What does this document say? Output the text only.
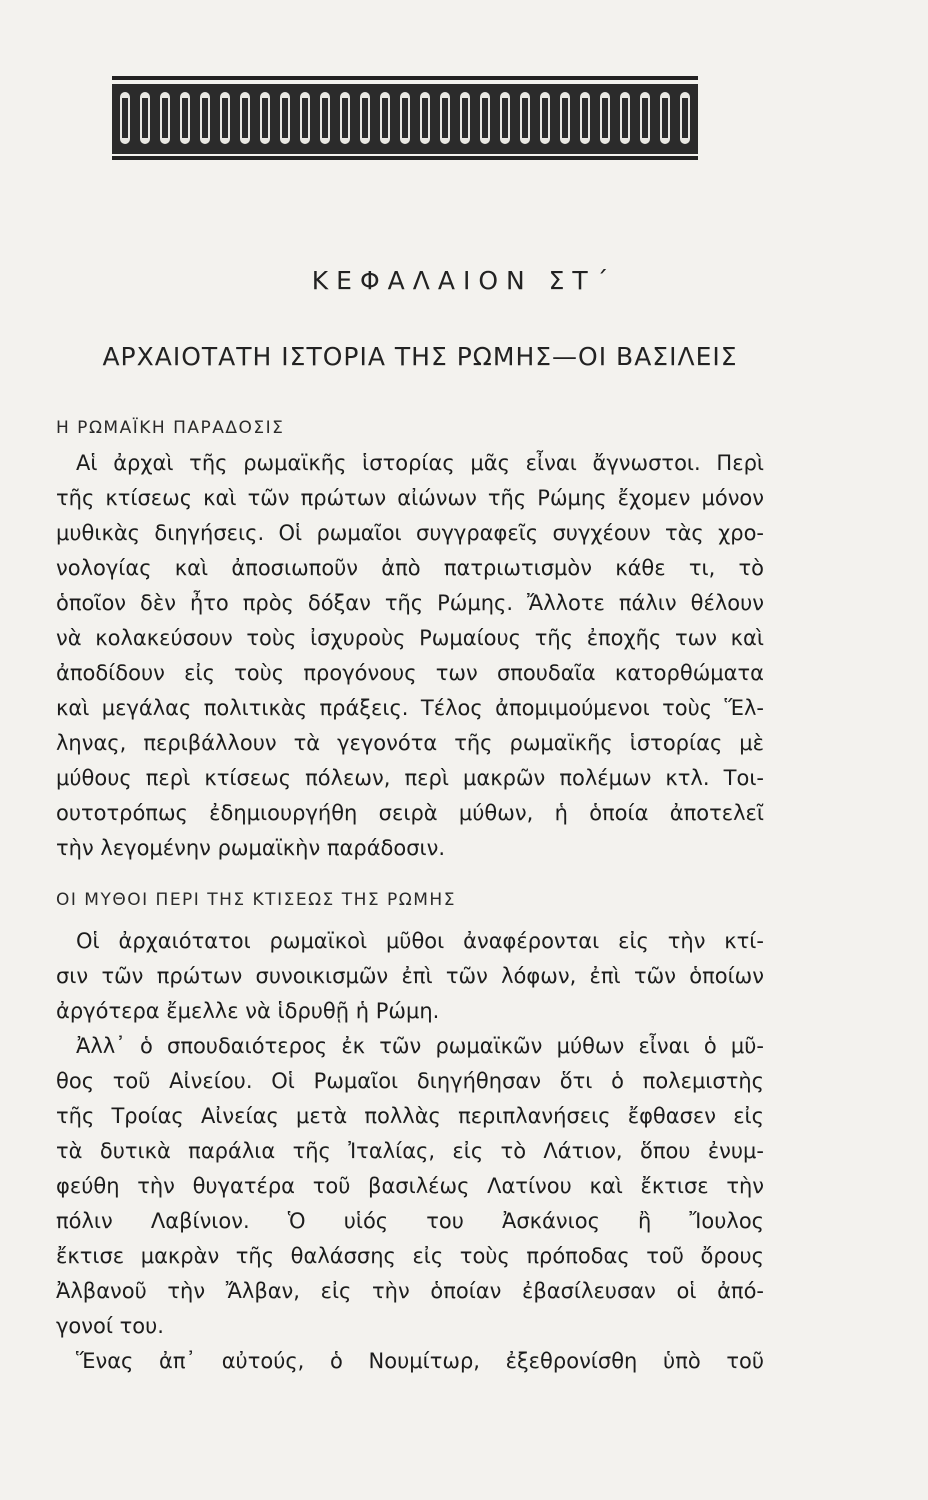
ΚΕΦΑΛΑΙΟΝ ΣΤ΄
ΑΡΧΑΙΟΤΑΤΗ ΙΣΤΟΡΙΑ ΤΗΣ ΡΩΜΗΣ—ΟΙ ΒΑΣΙΛΕΙΣ
Η ΡΩΜΑΪΚΗ ΠΑΡΑΔΟΣΙΣ
Αἱ ἀρχαὶ τῆς ρωμαϊκῆς ἱστορίας μᾶς εἶναι ἄγνωστοι. Περὶ
τῆς κτίσεως καὶ τῶν πρώτων αἰώνων τῆς Ρώμης ἔχομεν μόνον
μυθικὰς διηγήσεις. Οἱ ρωμαῖοι συγγραφεῖς συγχέουν τὰς χρο-
νολογίας καὶ ἀποσιωποῦν ἀπὸ πατριωτισμὸν κάθε τι, τὸ
ὁποῖον δὲν ἦτο πρὸς δόξαν τῆς Ρώμης. Ἄλλοτε πάλιν θέλουν
νὰ κολακεύσουν τοὺς ἰσχυροὺς Ρωμαίους τῆς ἐποχῆς των καὶ
ἀποδίδουν εἰς τοὺς προγόνους των σπουδαῖα κατορθώματα
καὶ μεγάλας πολιτικὰς πράξεις. Τέλος ἀπομιμούμενοι τοὺς Ἕλ-
ληνας, περιβάλλουν τὰ γεγονότα τῆς ρωμαϊκῆς ἱστορίας μὲ
μύθους περὶ κτίσεως πόλεων, περὶ μακρῶν πολέμων κτλ. Τοι-
ουτοτρόπως ἐδημιουργήθη σειρὰ μύθων, ἡ ὁποία ἀποτελεῖ
τὴν λεγομένην ρωμαϊκὴν παράδοσιν.
ΟΙ ΜΥΘΟΙ ΠΕΡΙ ΤΗΣ ΚΤΙΣΕΩΣ ΤΗΣ ΡΩΜΗΣ
Οἱ ἀρχαιότατοι ρωμαϊκοὶ μῦθοι ἀναφέρονται εἰς τὴν κτί-
σιν τῶν πρώτων συνοικισμῶν ἐπὶ τῶν λόφων, ἐπὶ τῶν ὁποίων
ἀργότερα ἔμελλε νὰ ἱδρυθῇ ἡ Ρώμη.
Ἀλλ᾽ ὁ σπουδαιότερος ἐκ τῶν ρωμαϊκῶν μύθων εἶναι ὁ μῦ-
θος τοῦ Αἰνείου. Οἱ Ρωμαῖοι διηγήθησαν ὅτι ὁ πολεμιστὴς
τῆς Τροίας Αἰνείας μετὰ πολλὰς περιπλανήσεις ἔφθασεν εἰς
τὰ δυτικὰ παράλια τῆς Ἰταλίας, εἰς τὸ Λάτιον, ὅπου ἐνυμ-
φεύθη τὴν θυγατέρα τοῦ βασιλέως Λατίνου καὶ ἔκτισε τὴν
πόλιν Λαβίνιον. Ὁ υἱός του Ἀσκάνιος ἢ Ἴουλος
ἔκτισε μακρὰν τῆς θαλάσσης εἰς τοὺς πρόποδας τοῦ ὄρους
Ἀλβανοῦ τὴν Ἄλβαν, εἰς τὴν ὁποίαν ἐβασίλευσαν οἱ ἀπό-
γονοί του.
Ἕνας ἀπ᾽ αὐτούς, ὁ Νουμίτωρ, ἐξεθρονίσθη ὑπὸ τοῦ
